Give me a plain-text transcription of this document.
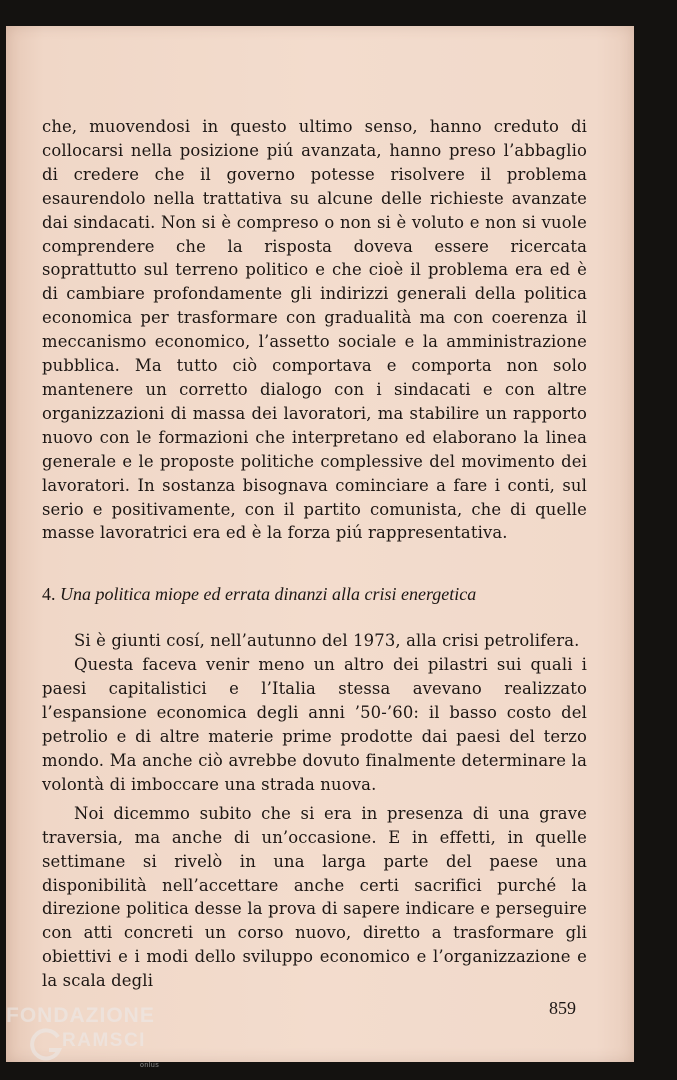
che, muovendosi in questo ultimo senso, hanno creduto di collocarsi nella posizione piú avanzata, hanno preso l’abbaglio di credere che il governo potesse risolvere il problema esaurendolo nella trattativa su alcune delle richieste avanzate dai sindacati. Non si è compreso o non si è voluto e non si vuole comprendere che la risposta doveva essere ricercata soprattutto sul terreno politico e che cioè il problema era ed è di cambiare profondamente gli indirizzi generali della politica economica per trasformare con gradualità ma con coerenza il meccanismo economico, l’assetto sociale e la amministrazione pubblica. Ma tutto ciò comportava e comporta non solo mantenere un corretto dialogo con i sindacati e con altre organizzazioni di massa dei lavoratori, ma stabilire un rapporto nuovo con le formazioni che interpretano ed elaborano la linea generale e le proposte politiche complessive del movimento dei lavoratori. In sostanza bisognava cominciare a fare i conti, sul serio e positivamente, con il partito comunista, che di quelle masse lavoratrici era ed è la forza piú rappresentativa.

4. Una politica miope ed errata dinanzi alla crisi energetica

Si è giunti cosí, nell’autunno del 1973, alla crisi petrolifera.

Questa faceva venir meno un altro dei pilastri sui quali i paesi capitalistici e l’Italia stessa avevano realizzato l’espansione economica degli anni ’50-’60: il basso costo del petrolio e di altre materie prime prodotte dai paesi del terzo mondo. Ma anche ciò avrebbe dovuto finalmente determinare la volontà di imboccare una strada nuova.

Noi dicemmo subito che si era in presenza di una grave traversia, ma anche di un’occasione. E in effetti, in quelle settimane si rivelò in una larga parte del paese una disponibilità nell’accettare anche certi sacrifici purché la direzione politica desse la prova di sapere indicare e perseguire con atti concreti un corso nuovo, diretto a trasformare gli obiettivi e i modi dello sviluppo economico e l’organizzazione e la scala degli

859
FONDAZIONE
RAMSCI
onlus
